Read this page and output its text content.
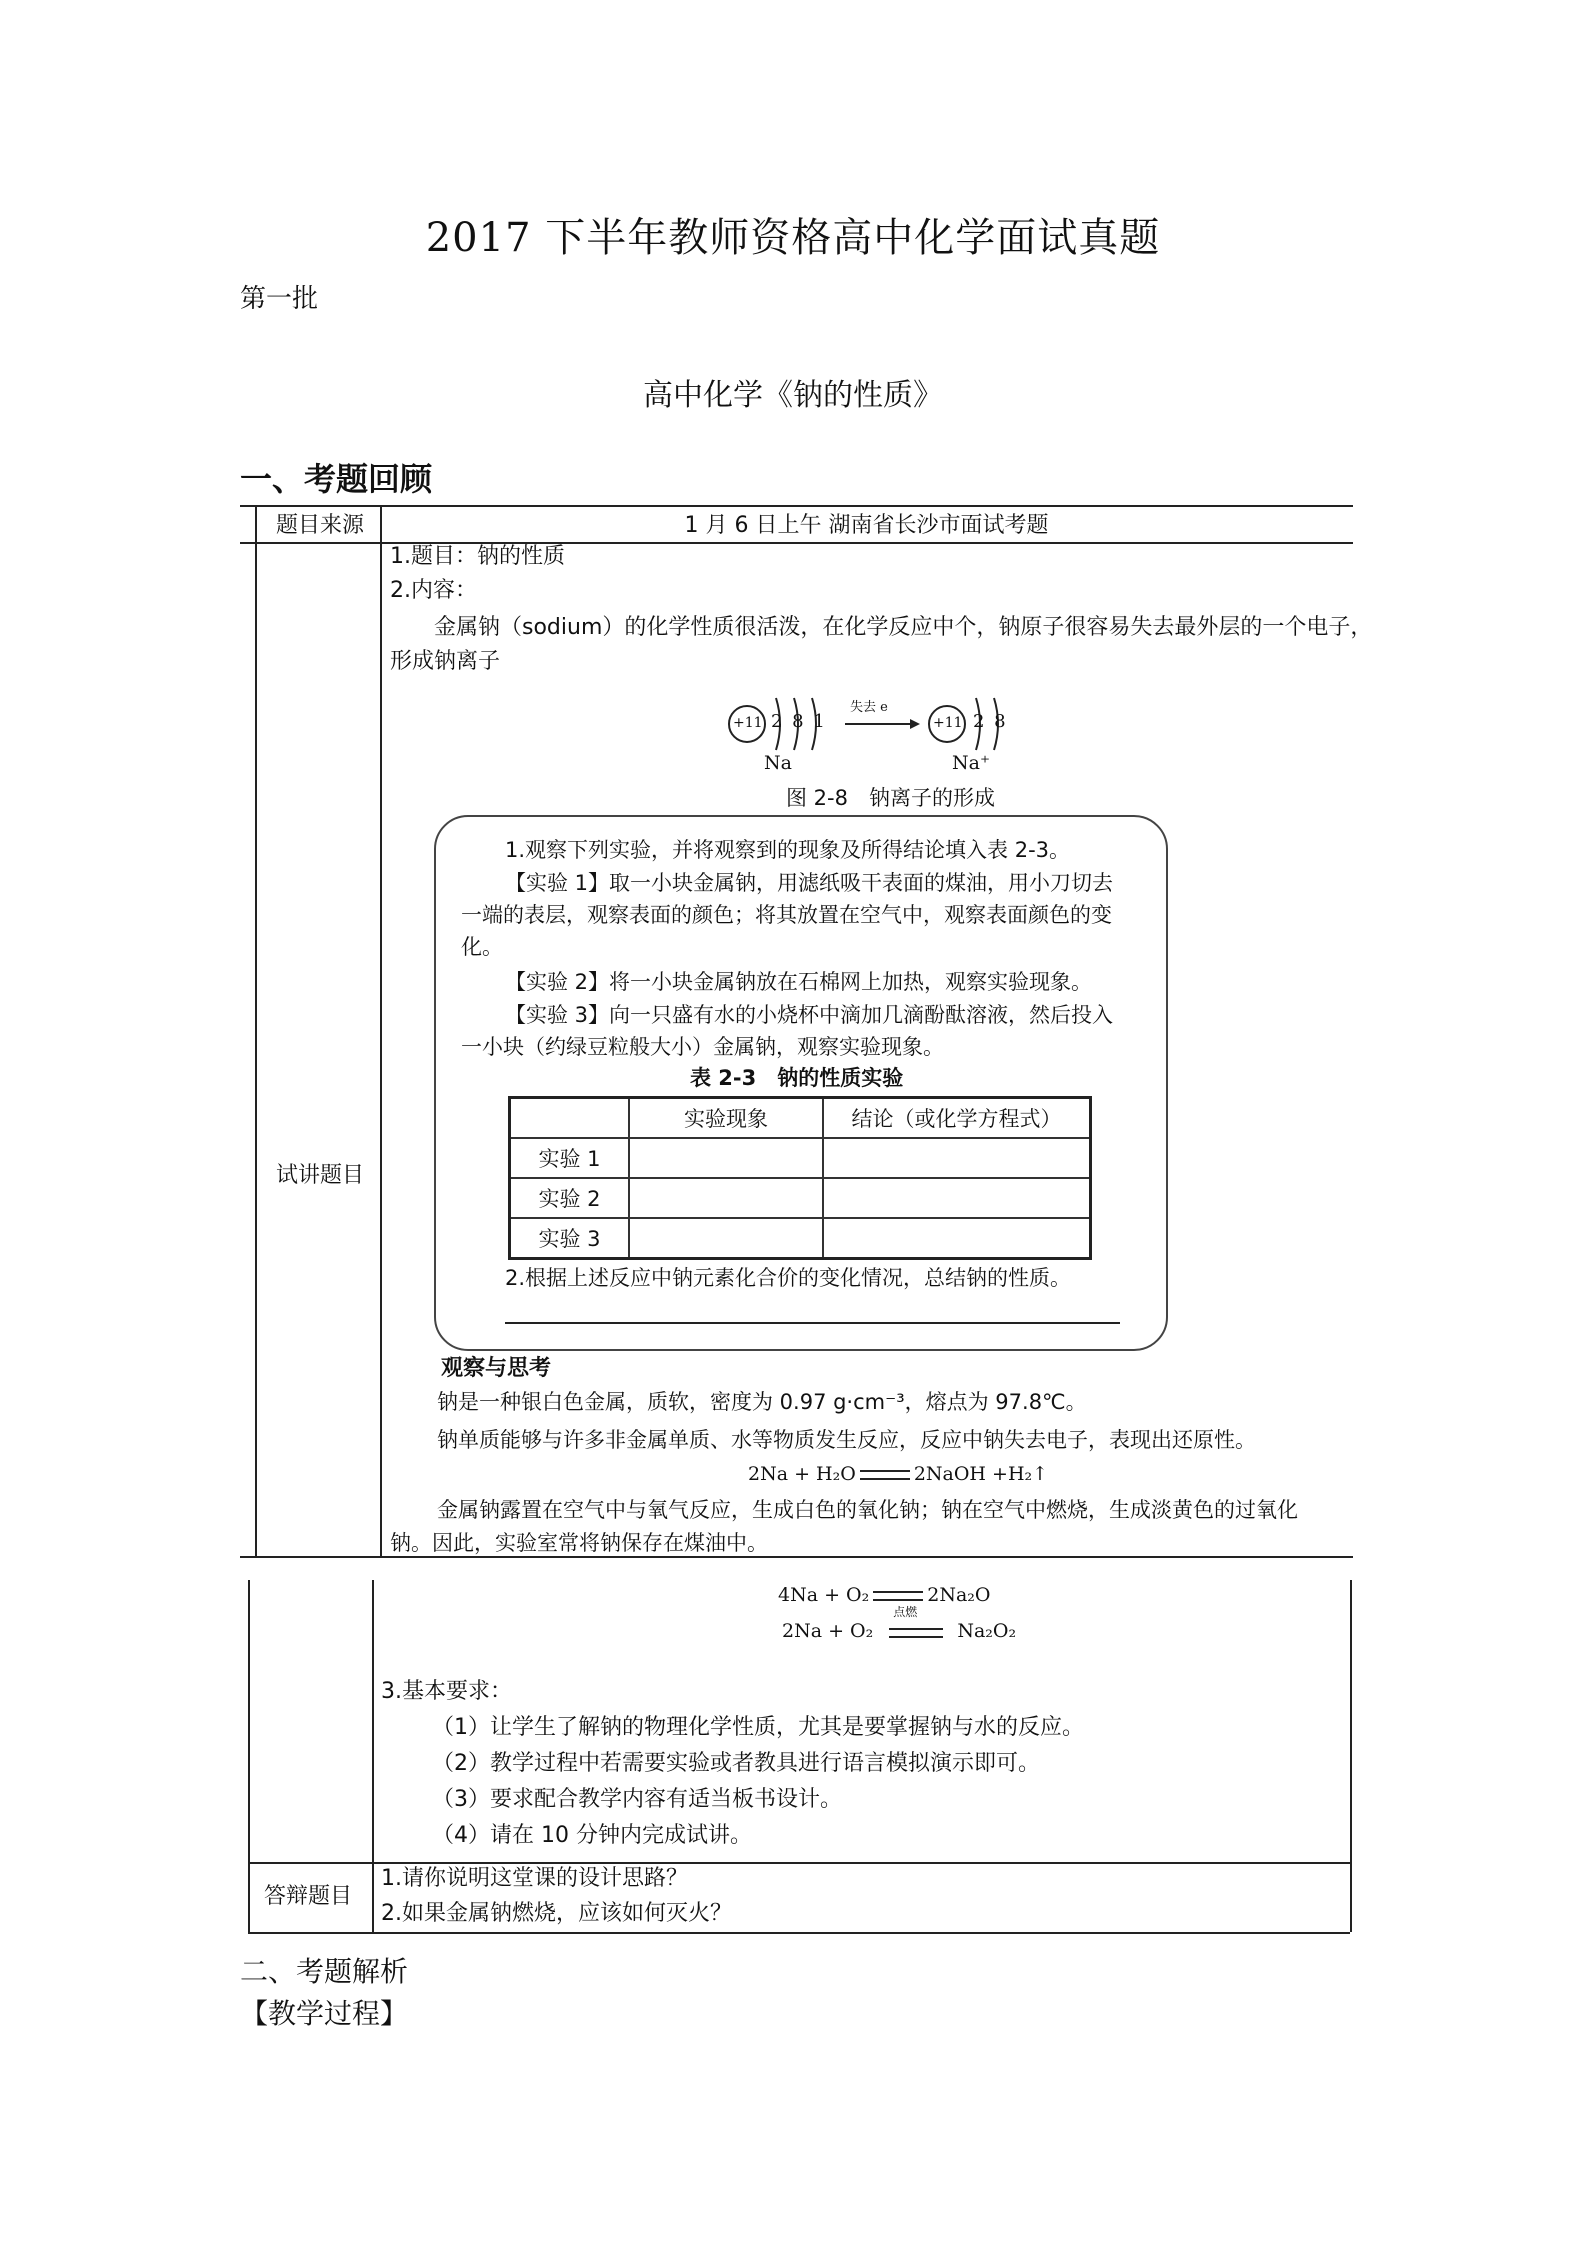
2017 下半年教师资格高中化学面试真题
第一批
高中化学《钠的性质》
一、考题回顾
题目来源	1 月 6 日上午 湖南省长沙市面试考题
试讲题目
1.题目：钠的性质
2.内容：
金属钠（sodium）的化学性质很活泼，在化学反应中个，钠原子很容易失去最外层的一个电子，
形成钠离子
+11 2 8 1
Na
失去 e
+11 2 8
Na⁺
图 2-8　钠离子的形成
1.观察下列实验，并将观察到的现象及所得结论填入表 2-3。
【实验 1】取一小块金属钠，用滤纸吸干表面的煤油，用小刀切去
一端的表层，观察表面的颜色；将其放置在空气中，观察表面颜色的变
化。
【实验 2】将一小块金属钠放在石棉网上加热，观察实验现象。
【实验 3】向一只盛有水的小烧杯中滴加几滴酚酞溶液，然后投入
一小块（约绿豆粒般大小）金属钠，观察实验现象。
表 2-3　钠的性质实验
	实验现象	结论（或化学方程式）
实验 1		
实验 2		
实验 3		
2.根据上述反应中钠元素化合价的变化情况，总结钠的性质。
观察与思考
钠是一种银白色金属，质软，密度为 0.97 g·cm⁻³，熔点为 97.8℃。
钠单质能够与许多非金属单质、水等物质发生反应，反应中钠失去电子，表现出还原性。
2Na + H₂O	2NaOH +H₂↑
金属钠露置在空气中与氧气反应，生成白色的氧化钠；钠在空气中燃烧，生成淡黄色的过氧化
钠。因此，实验室常将钠保存在煤油中。
4Na + O₂	2Na₂O
2Na + O₂
点燃
Na₂O₂
3.基本要求：
（1）让学生了解钠的物理化学性质，尤其是要掌握钠与水的反应。
（2）教学过程中若需要实验或者教具进行语言模拟演示即可。
（3）要求配合教学内容有适当板书设计。
（4）请在 10 分钟内完成试讲。
答辩题目
1.请你说明这堂课的设计思路？
2.如果金属钠燃烧，应该如何灭火？
二、考题解析
【教学过程】
